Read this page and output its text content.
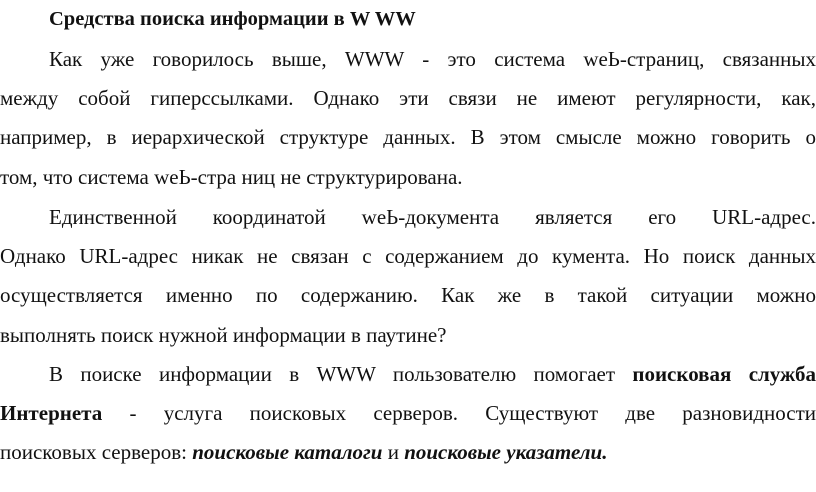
Средства поиска информации в W WW
Как уже говорилось выше, WWW - это система weЬ-страниц, связанных
между собой гиперссылками. Однако эти связи не имеют регулярности, как,
например, в иерархической структуре данных. В этом смысле можно говорить о
том, что система weЬ-стра ниц не структурирована.
Единственной координатой weЬ-документа является его URL-адрес.
Однако URL-адрес никак не связан с содержанием до кумента. Но поиск данных
осуществляется именно по содержанию. Как же в такой ситуации можно
выполнять поиск нужной информации в паутине?
В поиске информации в WWW пользователю помогает поисковая служба
Интернета - услуга поисковых серверов. Существуют две разновидности
поисковых серверов: поисковые каталоги и поисковые указатели.
